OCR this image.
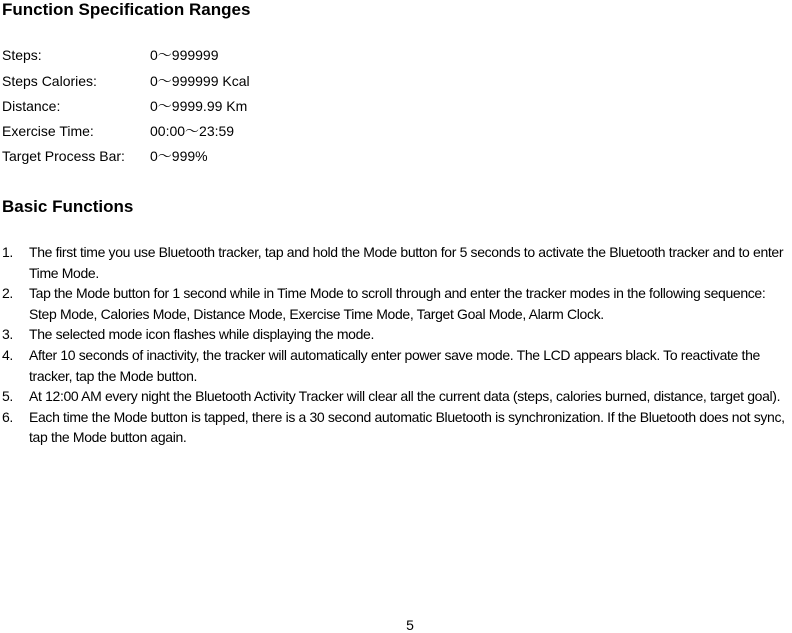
Function Specification Ranges
Steps:	0～999999
Steps Calories:	0～999999 Kcal
Distance:	0～9999.99 Km
Exercise Time:	00:00～23:59
Target Process Bar: 0～999%
Basic Functions
1. The first time you use Bluetooth tracker, tap and hold the Mode button for 5 seconds to activate the Bluetooth tracker and to enter Time Mode.
2. Tap the Mode button for 1 second while in Time Mode to scroll through and enter the tracker modes in the following sequence: Step Mode, Calories Mode, Distance Mode, Exercise Time Mode, Target Goal Mode, Alarm Clock.
3. The selected mode icon flashes while displaying the mode.
4. After 10 seconds of inactivity, the tracker will automatically enter power save mode. The LCD appears black. To reactivate the tracker, tap the Mode button.
5. At 12:00 AM every night the Bluetooth Activity Tracker will clear all the current data (steps, calories burned, distance, target goal).
6. Each time the Mode button is tapped, there is a 30 second automatic Bluetooth is synchronization. If the Bluetooth does not sync, tap the Mode button again.
5
